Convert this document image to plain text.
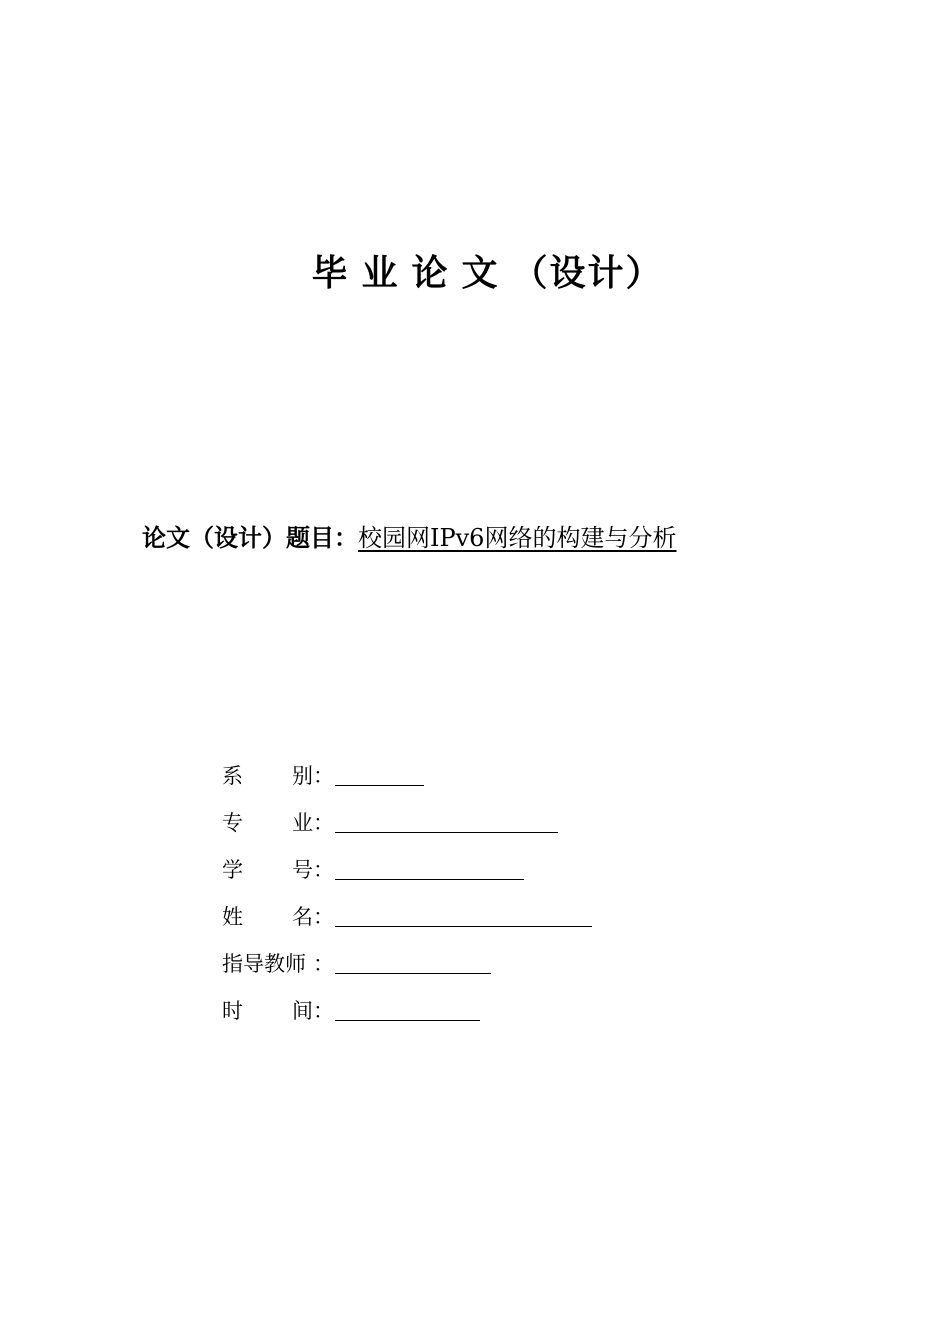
毕业论文（设计）
论文（设计）题目：校园网IPv6网络的构建与分析
系 别：
专 业：
学 号：
姓 名：
指导教师 ：
时 间：
